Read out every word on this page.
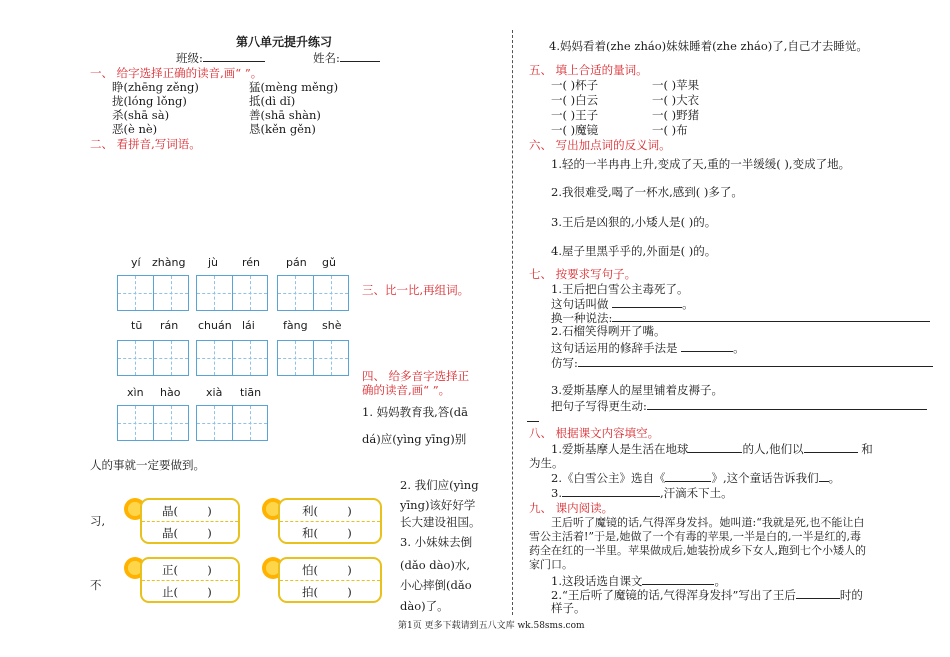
第八单元提升练习
班级:	姓名:
一、 给字选择正确的读音,画“ ”。
睁(zhēng zěng)	猛(mèng měng)
拢(lóng lǒng)	抵(dì dǐ)
杀(shā sà)	善(shā shàn)
恶(è nè)	恳(kěn gěn)
二、 看拼音,写词语。
yí zhàng jù rén pán gǔ
tū rán chuán lái	fàng shè
xìn hào xià tiān
三、比一比,再组词。
四、 给多音字选择正
确的读音,画“ ”。
1. 妈妈教育我,答(dā
dá)应(yìng yīng)别
人的事就一定要做到。
2. 我们应(yìng
yīng)该好好学
长大建设祖国。
3. 小妹妹去倒
(dǎo dào)水,
小心摔倒(dǎo
dào)了。
习,
不
晶(	)
晶(	)
利(	)
和(	)
正(	)
止(	)
怕(	)
拍(	)
4.妈妈看着(zhe zháo)妹妹睡着(zhe zháo)了,自己才去睡觉。
五、 填上合适的量词。
一( )杯子	一( )苹果
一( )白云	一( )大衣
一( )王子	一( )野猪
一( )魔镜	一( )布
六、 写出加点词的反义词。
1.轻的一半冉冉上升,变成了天,重的一半缓缓( ),变成了地。
2.我很难受,喝了一杯水,感到( )多了。
3.王后是凶狠的,小矮人是( )的。
4.屋子里黑乎乎的,外面是( )的。
七、 按要求写句子。
1.王后把白雪公主毒死了。
这句话叫做	。
换一种说法:
2.石榴笑得咧开了嘴。
这句话运用的修辞手法是	。
仿写:
3.爱斯基摩人的屋里铺着皮褥子。
把句子写得更生动:
八、 根据课文内容填空。
1.爱斯基摩人是生活在地球	的人,他们以	和
为生。
2.《白雪公主》选自《	》,这个童话告诉我们 。
3.	,汗滴禾下土。
九、 课内阅读。
王后听了魔镜的话,气得浑身发抖。她叫道:“我就是死,也不能让白
雪公主活着!”于是,她做了一个有毒的苹果,一半是白的,一半是红的,毒
药全在红的一半里。苹果做成后,她装扮成乡下女人,跑到七个小矮人的
家门口。
1.这段话选自课文	。
2.“王后听了魔镜的话,气得浑身发抖”写出了王后	时的
样子。
第1页 更多下载请到五八文库 wk.58sms.com
